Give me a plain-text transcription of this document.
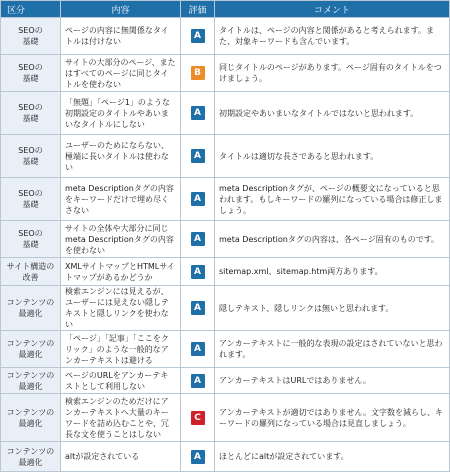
区分	内容	評価	コメント
SEOの
基礎	ページの内容に無関係なタイトルは付けない	A	タイトルは、ページの内容と関係があると考えられます。また、対象キーワードも含んでいます。
SEOの
基礎	サイトの大部分のページ、またはすべてのページに同じタイトルを使わない	B	同じタイトルのページがあります。ページ固有のタイトルをつけましょう。
SEOの
基礎	「無題」「ページ1」のような初期設定のタイトルやあいまいなタイトルにしない	A	初期設定やあいまいなタイトルではないと思われます。
SEOの
基礎	ユーザーのためにならない、極端に長いタイトルは使わない	A	タイトルは適切な長さであると思われます。
SEOの
基礎	meta Descriptionタグの内容をキーワードだけで埋め尽くさない	A	meta Descriptionタグが、ページの概要文になっていると思われます。もしキーワードの羅列になっている場合は修正しましょう。
SEOの
基礎	サイトの全体や大部分に同じmeta Descriptionタグの内容を使わない	A	meta Descriptionタグの内容は、各ページ固有のものです。
サイト構造の
改善	XMLサイトマップとHTMLサイトマップがあるかどうか	A	sitemap.xml、sitemap.htm両方あります。
コンテンツの
最適化	検索エンジンには見えるが、ユーザーには見えない隠しテキストと隠しリンクを使わない	A	隠しテキスト、隠しリンクは無いと思われます。
コンテンツの
最適化	「ページ」「記事」「ここをクリック」のような一般的なアンカーテキストは避ける	A	アンカーテキストに一般的な表現の設定はされていないと思われます。
コンテンツの
最適化	ページのURLをアンカーテキストとして利用しない	A	アンカーテキストはURLではありません。
コンテンツの
最適化	検索エンジンのためだけにアンカーテキストへ大量のキーワードを詰め込むことや、冗長な文を使うことはしない	C	アンカーテキストが適切ではありません。文字数を減らし、キーワードの羅列になっている場合は見直しましょう。
コンテンツの
最適化	altが設定されている	A	ほとんどにaltが設定されています。
